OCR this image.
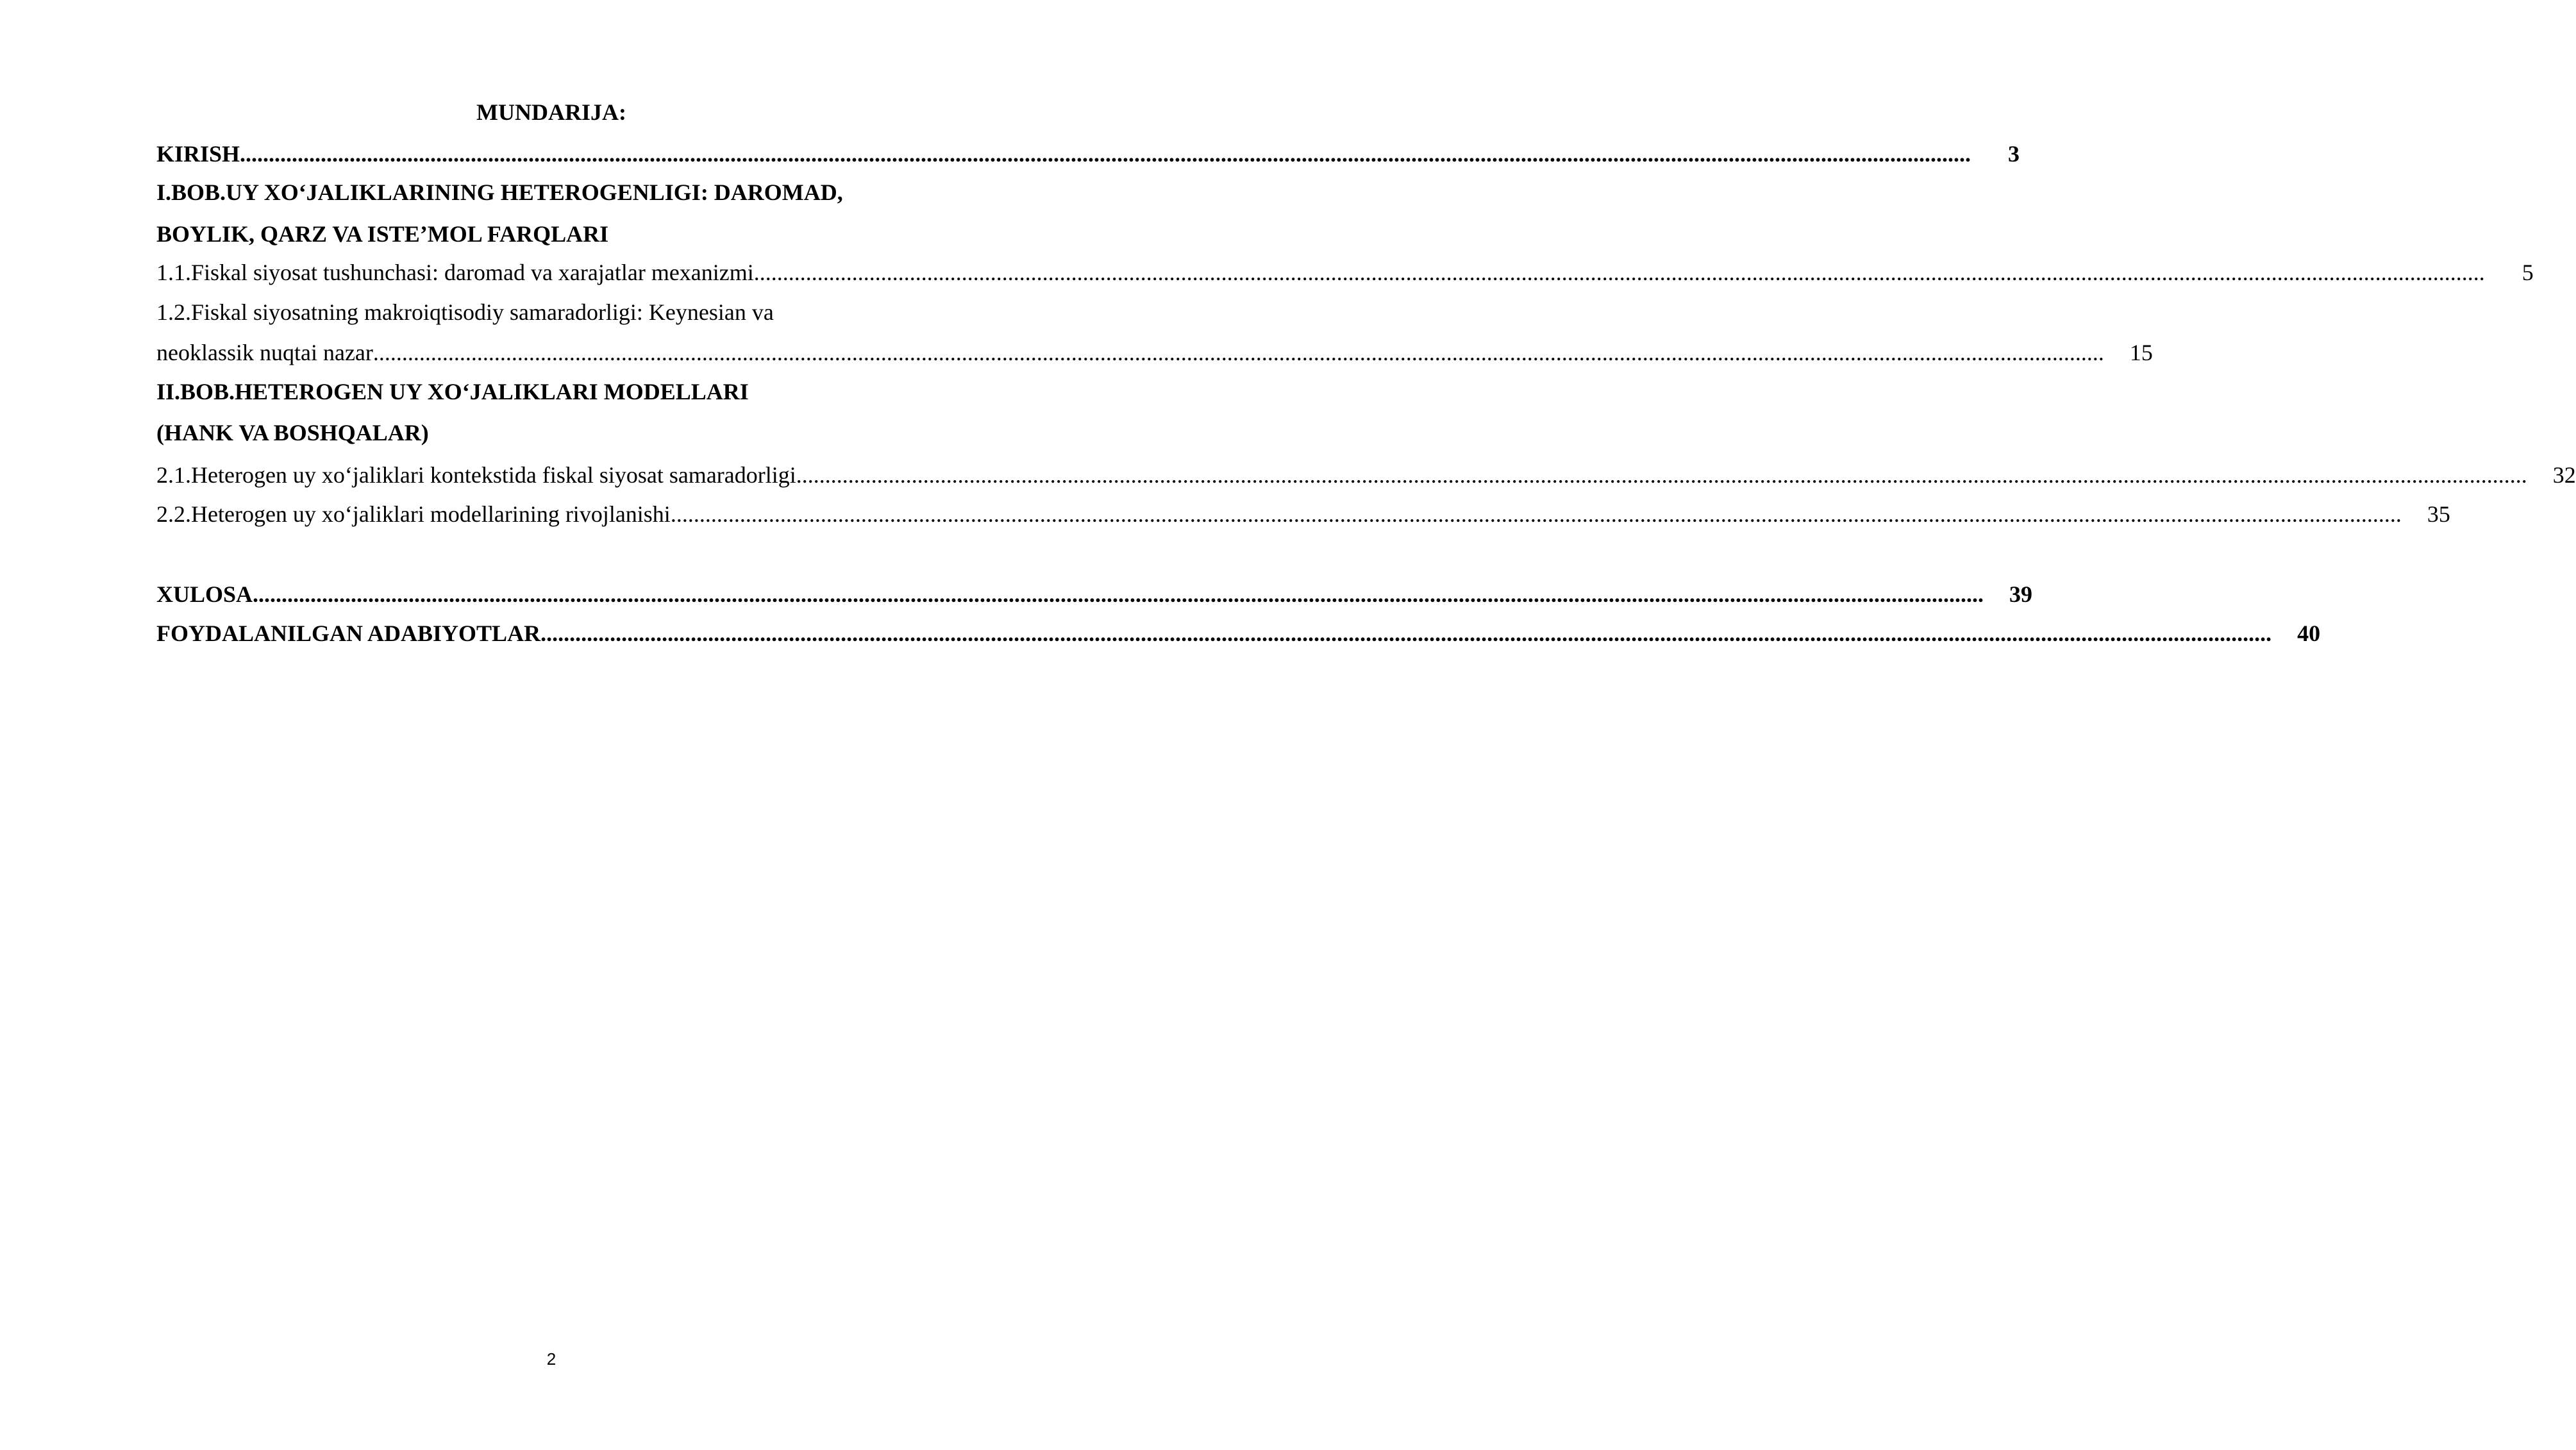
MUNDARIJA:
KIRISH ............................................................................................................................................................................................................................................................................................................	3
I.BOB.UY XO‘JALIKLARINING HETEROGENLIGI: DAROMAD,
BOYLIK, QARZ VA ISTE’MOL FARQLARI
1.1.Fiskal siyosat tushunchasi: daromad va xarajatlar mexanizmi ............................................................................................................................................................................................................................................................................................................	5
1.2.Fiskal siyosatning makroiqtisodiy samaradorligi: Keynesian va
neoklassik nuqtai nazar ............................................................................................................................................................................................................................................................................................................ 15
II.BOB.HETEROGEN UY XO‘JALIKLARI MODELLARI
(HANK VA BOSHQALAR)
2.1.Heterogen uy xo‘jaliklari kontekstida fiskal siyosat samaradorligi ............................................................................................................................................................................................................................................................................................................ 32
2.2.Heterogen uy xo‘jaliklari modellarining rivojlanishi ............................................................................................................................................................................................................................................................................................................ 35
XULOSA ............................................................................................................................................................................................................................................................................................................ 39
FOYDALANILGAN ADABIYOTLAR ............................................................................................................................................................................................................................................................................................................ 40
2
